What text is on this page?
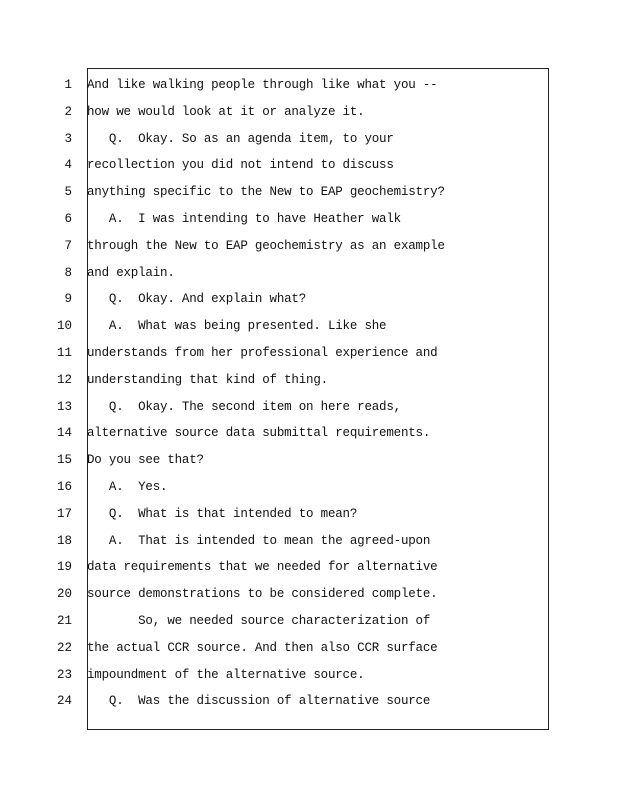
1 And like walking people through like what you --
2 how we would look at it or analyze it.
3 Q.  Okay. So as an agenda item, to your
4 recollection you did not intend to discuss
5 anything specific to the New to EAP geochemistry?
6 A.  I was intending to have Heather walk
7 through the New to EAP geochemistry as an example
8 and explain.
9 Q.  Okay. And explain what?
10 A.  What was being presented. Like she
11 understands from her professional experience and
12 understanding that kind of thing.
13 Q.  Okay. The second item on here reads,
14 alternative source data submittal requirements.
15 Do you see that?
16 A.  Yes.
17 Q.  What is that intended to mean?
18 A.  That is intended to mean the agreed-upon
19 data requirements that we needed for alternative
20 source demonstrations to be considered complete.
21 So, we needed source characterization of
22 the actual CCR source. And then also CCR surface
23 impoundment of the alternative source.
24 Q.  Was the discussion of alternative source
